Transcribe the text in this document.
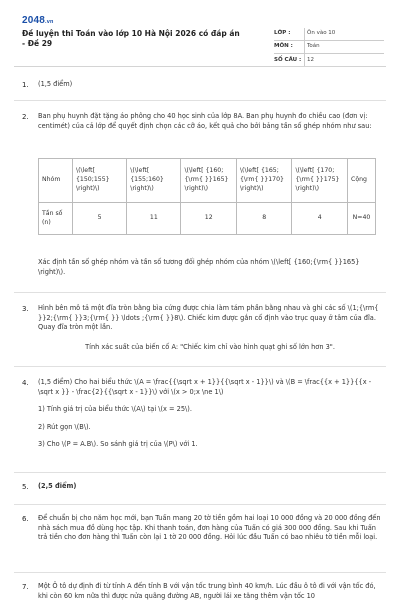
2048.vn
Đề luyện thi Toán vào lớp 10 Hà Nội 2026 có đáp án - Đề 29
LỚP :	Ôn vào 10
MÔN :	Toán
SỐ CÂU :	12
1.	(1,5 điểm)
2.	Ban phụ huynh đặt tặng áo phông cho 40 học sinh của lớp 8A. Ban phụ huynh đo chiều cao (đơn vị: centimét) của cả lớp để quyết định chọn các cỡ áo, kết quả cho bởi bảng tần số ghép nhóm như sau:
Nhóm	\(\left[ {150;155} \right)\)	\(\left[ {155;160} \right)\)	\(\left[ {160;{\rm{ }}165} \right)\)	\(\left[ {165;{\rm{ }}170} \right)\)	\(\left[ {170;{\rm{ }}175} \right)\)	Cộng
Tần số (n)	5	11	12	8	4	N=40
Xác định tần số ghép nhóm và tần số tương đối ghép nhóm của nhóm \(\left[ {160;{\rm{ }}165} \right)\).
3.	Hình bên mô tả một đĩa tròn bằng bìa cứng được chia làm tám phần bằng nhau và ghi các số \(1;{\rm{ }}2;{\rm{ }}3;{\rm{ }} \ldots ;{\rm{ }}8\). Chiếc kim được gắn cố định vào trục quay ở tâm của đĩa. Quay đĩa tròn một lần.
Tính xác suất của biến cố A: "Chiếc kim chỉ vào hình quạt ghi số lớn hơn 3".
4.	(1,5 điểm) Cho hai biểu thức \(A = \frac{{\sqrt x + 1}}{{\sqrt x - 1}}\) và \(B = \frac{{x + 1}}{{x - \sqrt x }} - \frac{2}{{\sqrt x - 1}}\) với \(x > 0;x \ne 1\)
1) Tính giá trị của biểu thức \(A\) tại \(x = 25\).
2) Rút gọn \(B\).
3) Cho \(P = A.B\). So sánh giá trị của \(P\) với 1.
5.	(2,5 điểm)
6.	Để chuẩn bị cho năm học mới, bạn Tuấn mang 20 tờ tiền gồm hai loại 10 000 đồng và 20 000 đồng đến nhà sách mua đồ dùng học tập. Khi thanh toán, đơn hàng của Tuấn có giá 300 000 đồng. Sau khi Tuấn trả tiền cho đơn hàng thì Tuấn còn lại 1 tờ 20 000 đồng. Hỏi lúc đầu Tuấn có bao nhiêu tờ tiền mỗi loại.
7.	Một Ô tô dự định đi từ tỉnh A đến tỉnh B với vận tốc trung bình 40 km/h. Lúc đầu ô tô đi với vận tốc đó, khi còn 60 km nữa thì được nửa quãng đường AB, người lái xe tăng thêm vận tốc 10
